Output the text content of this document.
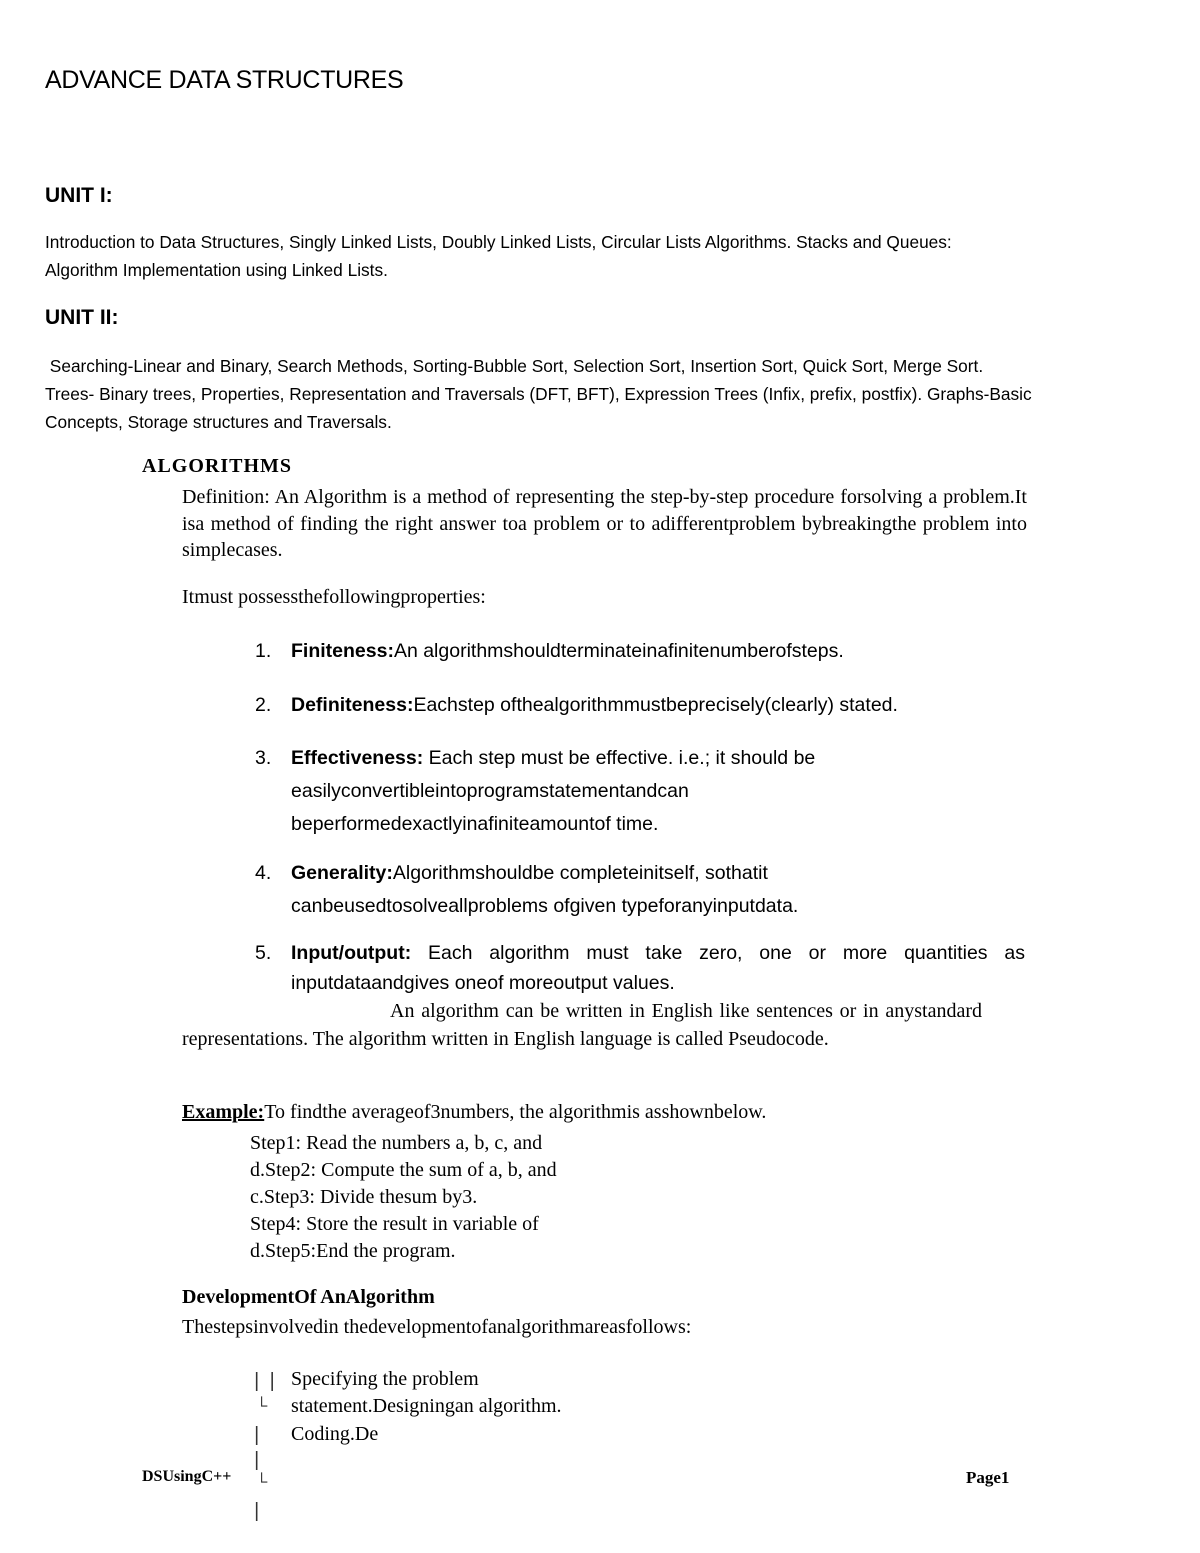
ADVANCE DATA STRUCTURES
UNIT I:
Introduction to Data Structures, Singly Linked Lists, Doubly Linked Lists, Circular Lists Algorithms. Stacks and Queues:
Algorithm Implementation using Linked Lists.
UNIT II:
Searching-Linear and Binary, Search Methods, Sorting-Bubble Sort, Selection Sort, Insertion Sort, Quick Sort, Merge Sort.
Trees- Binary trees, Properties, Representation and Traversals (DFT, BFT), Expression Trees (Infix, prefix, postfix). Graphs-Basic
Concepts, Storage structures and Traversals.
ALGORITHMS
Definition: An Algorithm is a method of representing the step-by-step procedure forsolving a problem.It isa method of finding the right answer toa problem or to adifferentproblem bybreakingthe problem into simplecases.
Itmust possessthefollowingproperties:
1. Finiteness:An algorithmshouldterminateinafinitenumberofsteps.
2. Definiteness:Eachstep ofthealgorithmmustbeprecisely(clearly) stated.
3. Effectiveness: Each step must be effective. i.e.; it should be easilyconvertibleintoprogramstatementandcan beperformedexactlyinafiniteamountof time.
4. Generality:Algorithmshouldbe completeinitself, sothatit canbeusedtosolveallproblems ofgiven typeforanyinputdata.
5. Input/output: Each algorithm must take zero, one or more quantities as inputdataandgives oneof moreoutput values.
An algorithm can be written in English like sentences or in anystandard representations. The algorithm written in English language is called Pseudocode.
Example:To findthe averageof3numbers, the algorithmis asshownbelow.
Step1: Read the numbers a, b, c, and
d.Step2: Compute the sum of a, b, and
c.Step3: Divide thesum by3.
Step4: Store the result in variable of
d.Step5:End the program.
DevelopmentOf AnAlgorithm
Thestepsinvolvedin thedevelopmentofanalgorithmareasfollows:
▏ ▏ Specifying the problem
└ statement.Designingan algorithm.
▏ Coding.De
▏
└
▏
DSUsingC++	Page1
